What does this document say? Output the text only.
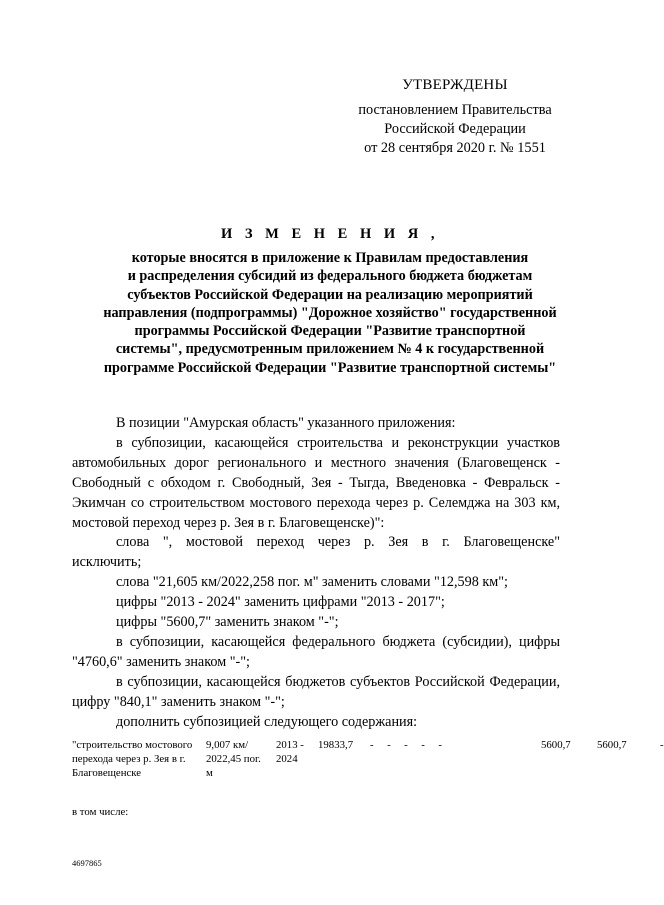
УТВЕРЖДЕНЫ
постановлением Правительства
Российской Федерации
от 28 сентября 2020 г. № 1551
И З М Е Н Е Н И Я ,
которые вносятся в приложение к Правилам предоставления
и распределения субсидий из федерального бюджета бюджетам
субъектов Российской Федерации на реализацию мероприятий
направления (подпрограммы) "Дорожное хозяйство" государственной
программы Российской Федерации "Развитие транспортной
системы", предусмотренным приложением № 4 к государственной
программе Российской Федерации "Развитие транспортной системы"

В позиции "Амурская область" указанного приложения:

в субпозиции, касающейся строительства и реконструкции участков автомобильных дорог регионального и местного значения (Благовещенск - Свободный с обходом г. Свободный, Зея - Тыгда, Введеновка - Февральск - Экимчан со строительством мостового перехода через р. Селемджа на 303 км, мостовой переход через р. Зея в г. Благовещенске)":

слова ", мостовой переход через р. Зея в г. Благовещенске"

исключить;

слова "21,605 км/2022,258 пог. м" заменить словами "12,598 км";

цифры "2013 - 2024" заменить цифрами "2013 - 2017";

цифры "5600,7" заменить знаком "-";

в субпозиции, касающейся федерального бюджета (субсидии), цифры "4760,6" заменить знаком "-";

в субпозиции, касающейся бюджетов субъектов Российской Федерации, цифру "840,1" заменить знаком "-";

дополнить субпозицией следующего содержания:

"строительство мостового перехода через р. Зея в г. Благовещенске
9,007 км/ 2022,45 пог. м
2013 - 2024
19833,7 -     -     -     -     -	5600,7 5600,7	-
в том числе:
4697865
